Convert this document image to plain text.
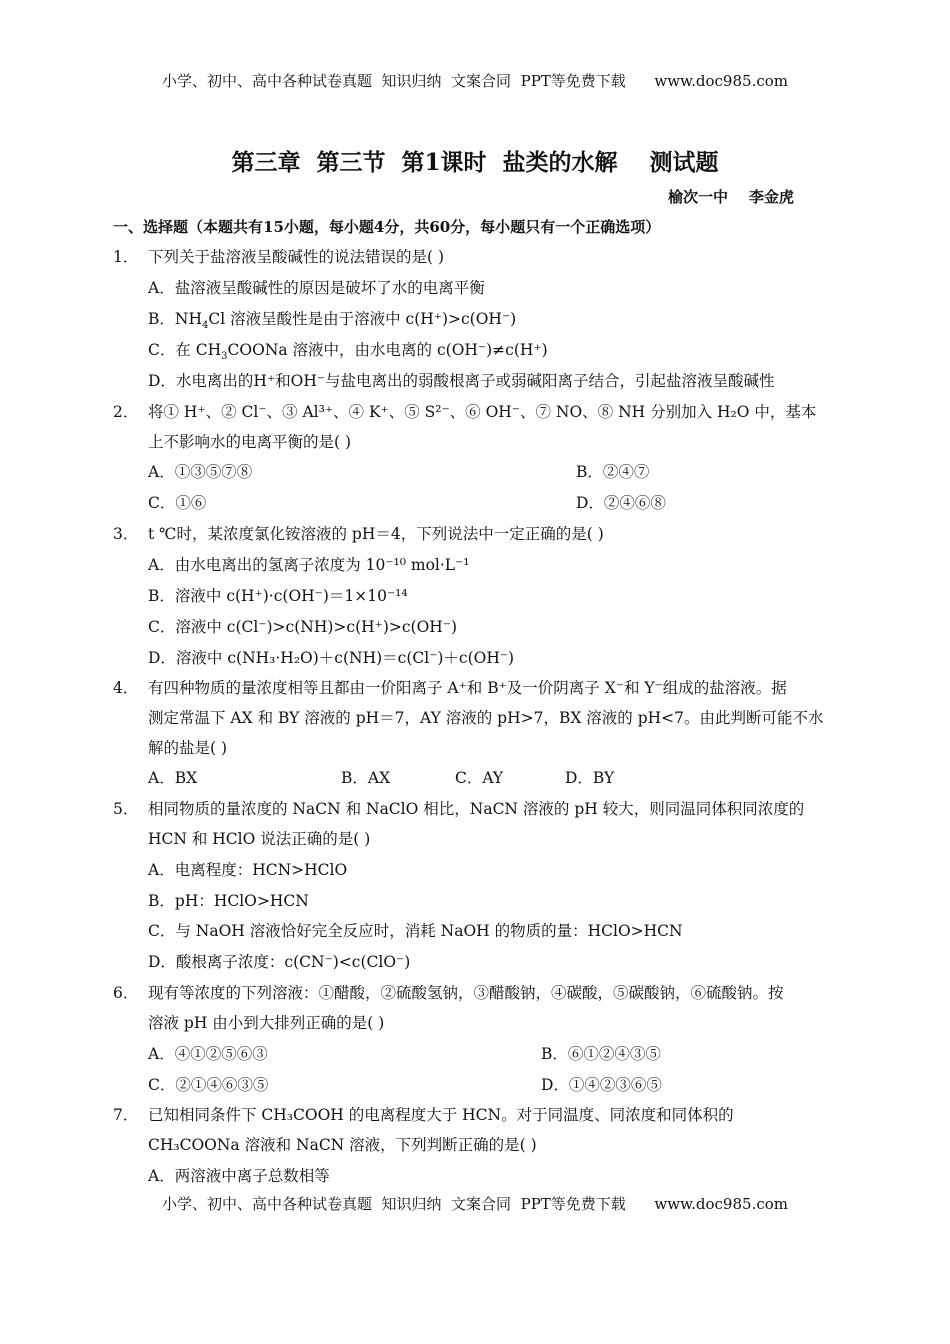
小学、初中、高中各种试卷真题  知识归纳  文案合同  PPT等免费下载      www.doc985.com
第三章  第三节  第1课时  盐类的水解    测试题
榆次一中    李金虎
一、选择题（本题共有15小题，每小题4分，共60分，每小题只有一个正确选项）
1． 下列关于盐溶液呈酸碱性的说法错误的是( )
A．盐溶液呈酸碱性的原因是破坏了水的电离平衡
B．$NH_4Cl$ 溶液呈酸性是由于溶液中 c(H⁺)>c(OH⁻)
C．在 $CH_3COONa$ 溶液中，由水电离的 c(OH⁻)≠c(H⁺)
D．水电离出的H⁺和OH⁻与盐电离出的弱酸根离子或弱碱阳离子结合，引起盐溶液呈酸碱性
2． 将① H⁺、② Cl⁻、③ Al³⁺、④ K⁺、⑤ S²⁻、⑥ OH⁻、⑦ NO、⑧ NH 分别加入 H₂O 中，基本
上不影响水的电离平衡的是( )
A．①③⑤⑦⑧	B．②④⑦
C．①⑥	D．②④⑥⑧
3． t ℃时，某浓度氯化铵溶液的 pH＝4，下列说法中一定正确的是( )
A．由水电离出的氢离子浓度为 10⁻¹⁰ mol·L⁻¹
B．溶液中 c(H⁺)·c(OH⁻)＝1×10⁻¹⁴
C．溶液中 c(Cl⁻)>c(NH)>c(H⁺)>c(OH⁻)
D．溶液中 c(NH₃·H₂O)＋c(NH)＝c(Cl⁻)＋c(OH⁻)
4． 有四种物质的量浓度相等且都由一价阳离子 A⁺和 B⁺及一价阴离子 X⁻和 Y⁻组成的盐溶液。据
测定常温下 AX 和 BY 溶液的 pH＝7，AY 溶液的 pH>7，BX 溶液的 pH<7。由此判断可能不水
解的盐是( )
A．BX	B．AX	C．AY	D．BY
5． 相同物质的量浓度的 NaCN 和 NaClO 相比，NaCN 溶液的 pH 较大，则同温同体积同浓度的
HCN 和 HClO 说法正确的是( )
A．电离程度：HCN>HClO
B．pH：HClO>HCN
C．与 NaOH 溶液恰好完全反应时，消耗 NaOH 的物质的量：HClO>HCN
D．酸根离子浓度：c(CN⁻)<c(ClO⁻)
6． 现有等浓度的下列溶液：①醋酸，②硫酸氢钠，③醋酸钠，④碳酸，⑤碳酸钠，⑥硫酸钠。按
溶液 pH 由小到大排列正确的是( )
A．④①②⑤⑥③	B．⑥①②④③⑤
C．②①④⑥③⑤	D．①④②③⑥⑤
7． 已知相同条件下 CH₃COOH 的电离程度大于 HCN。对于同温度、同浓度和同体积的
CH₃COONa 溶液和 NaCN 溶液，下列判断正确的是( )
A．两溶液中离子总数相等
小学、初中、高中各种试卷真题  知识归纳  文案合同  PPT等免费下载      www.doc985.com
